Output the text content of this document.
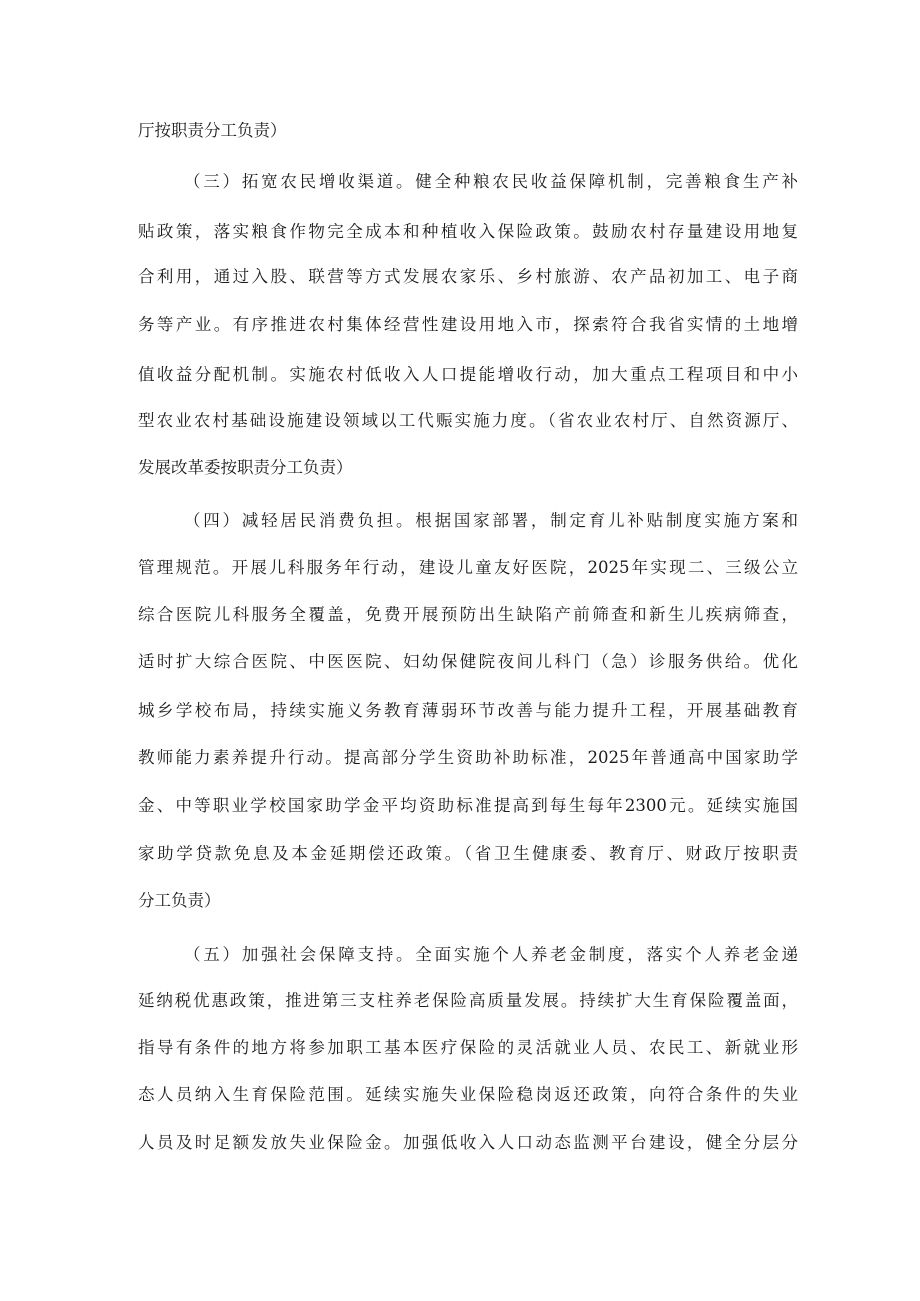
厅按职责分工负责）
（三）拓宽农民增收渠道。健全种粮农民收益保障机制，完善粮食生产补
贴政策，落实粮食作物完全成本和种植收入保险政策。鼓励农村存量建设用地复
合利用，通过入股、联营等方式发展农家乐、乡村旅游、农产品初加工、电子商
务等产业。有序推进农村集体经营性建设用地入市，探索符合我省实情的土地增
值收益分配机制。实施农村低收入人口提能增收行动，加大重点工程项目和中小
型农业农村基础设施建设领域以工代赈实施力度。（省农业农村厅、自然资源厅、
发展改革委按职责分工负责）
（四）减轻居民消费负担。根据国家部署，制定育儿补贴制度实施方案和
管理规范。开展儿科服务年行动，建设儿童友好医院，2025年实现二、三级公立
综合医院儿科服务全覆盖，免费开展预防出生缺陷产前筛查和新生儿疾病筛查，
适时扩大综合医院、中医医院、妇幼保健院夜间儿科门（急）诊服务供给。优化
城乡学校布局，持续实施义务教育薄弱环节改善与能力提升工程，开展基础教育
教师能力素养提升行动。提高部分学生资助补助标准，2025年普通高中国家助学
金、中等职业学校国家助学金平均资助标准提高到每生每年2300元。延续实施国
家助学贷款免息及本金延期偿还政策。（省卫生健康委、教育厅、财政厅按职责
分工负责）
（五）加强社会保障支持。全面实施个人养老金制度，落实个人养老金递
延纳税优惠政策，推进第三支柱养老保险高质量发展。持续扩大生育保险覆盖面，
指导有条件的地方将参加职工基本医疗保险的灵活就业人员、农民工、新就业形
态人员纳入生育保险范围。延续实施失业保险稳岗返还政策，向符合条件的失业
人员及时足额发放失业保险金。加强低收入人口动态监测平台建设，健全分层分
